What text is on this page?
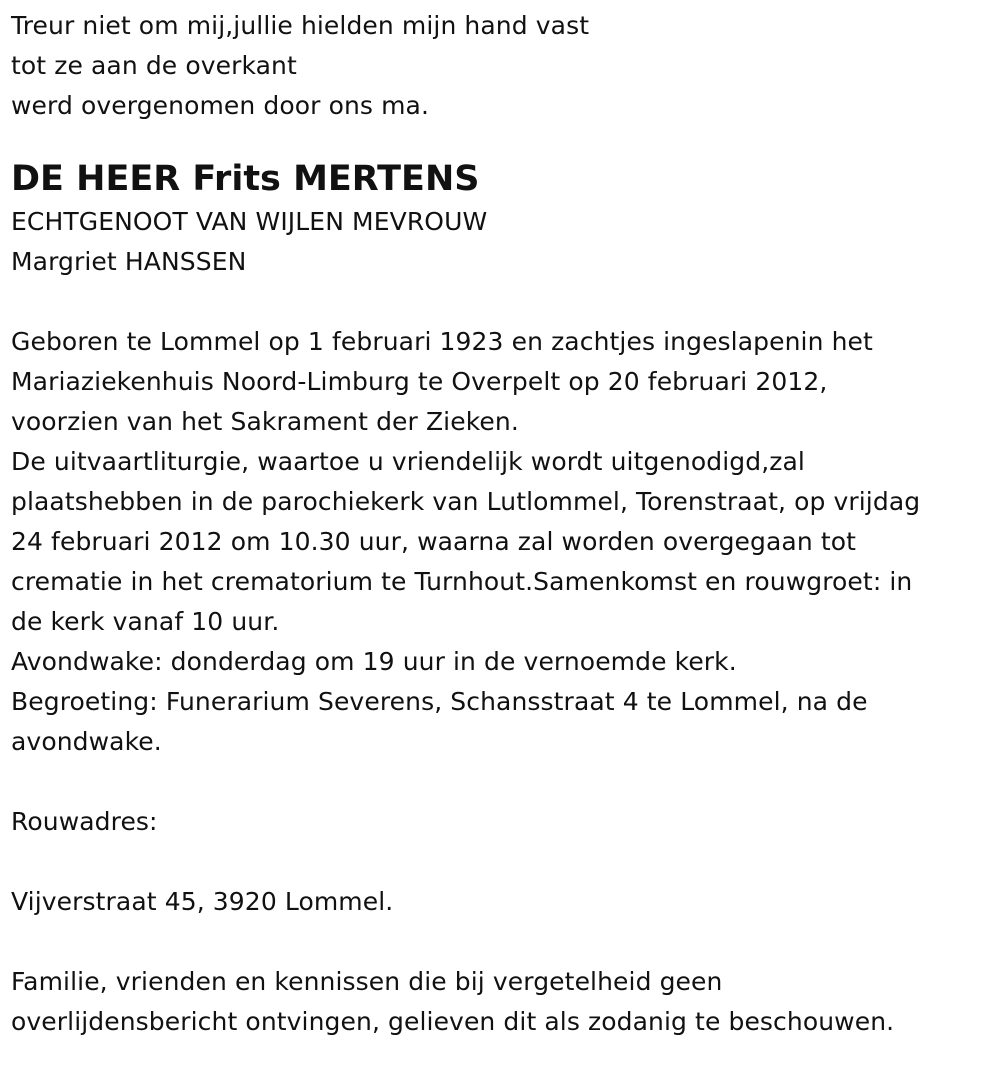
Treur niet om mij,jullie hielden mijn hand vast
tot ze aan de overkant
werd overgenomen door ons ma.
DE HEER Frits MERTENS
ECHTGENOOT VAN WIJLEN MEVROUW
Margriet HANSSEN
Geboren te Lommel op 1 februari 1923 en zachtjes ingeslapenin het
Mariaziekenhuis Noord-Limburg te Overpelt op 20 februari 2012,
voorzien van het Sakrament der Zieken.
De uitvaartliturgie, waartoe u vriendelijk wordt uitgenodigd,zal
plaatshebben in de parochiekerk van Lutlommel, Torenstraat, op vrijdag
24 februari 2012 om 10.30 uur, waarna zal worden overgegaan tot
crematie in het crematorium te Turnhout.Samenkomst en rouwgroet: in
de kerk vanaf 10 uur.
Avondwake: donderdag om 19 uur in de vernoemde kerk.
Begroeting: Funerarium Severens, Schansstraat 4 te Lommel, na de
avondwake.
Rouwadres:
Vijverstraat 45, 3920 Lommel.
Familie, vrienden en kennissen die bij vergetelheid geen
overlijdensbericht ontvingen, gelieven dit als zodanig te beschouwen.
